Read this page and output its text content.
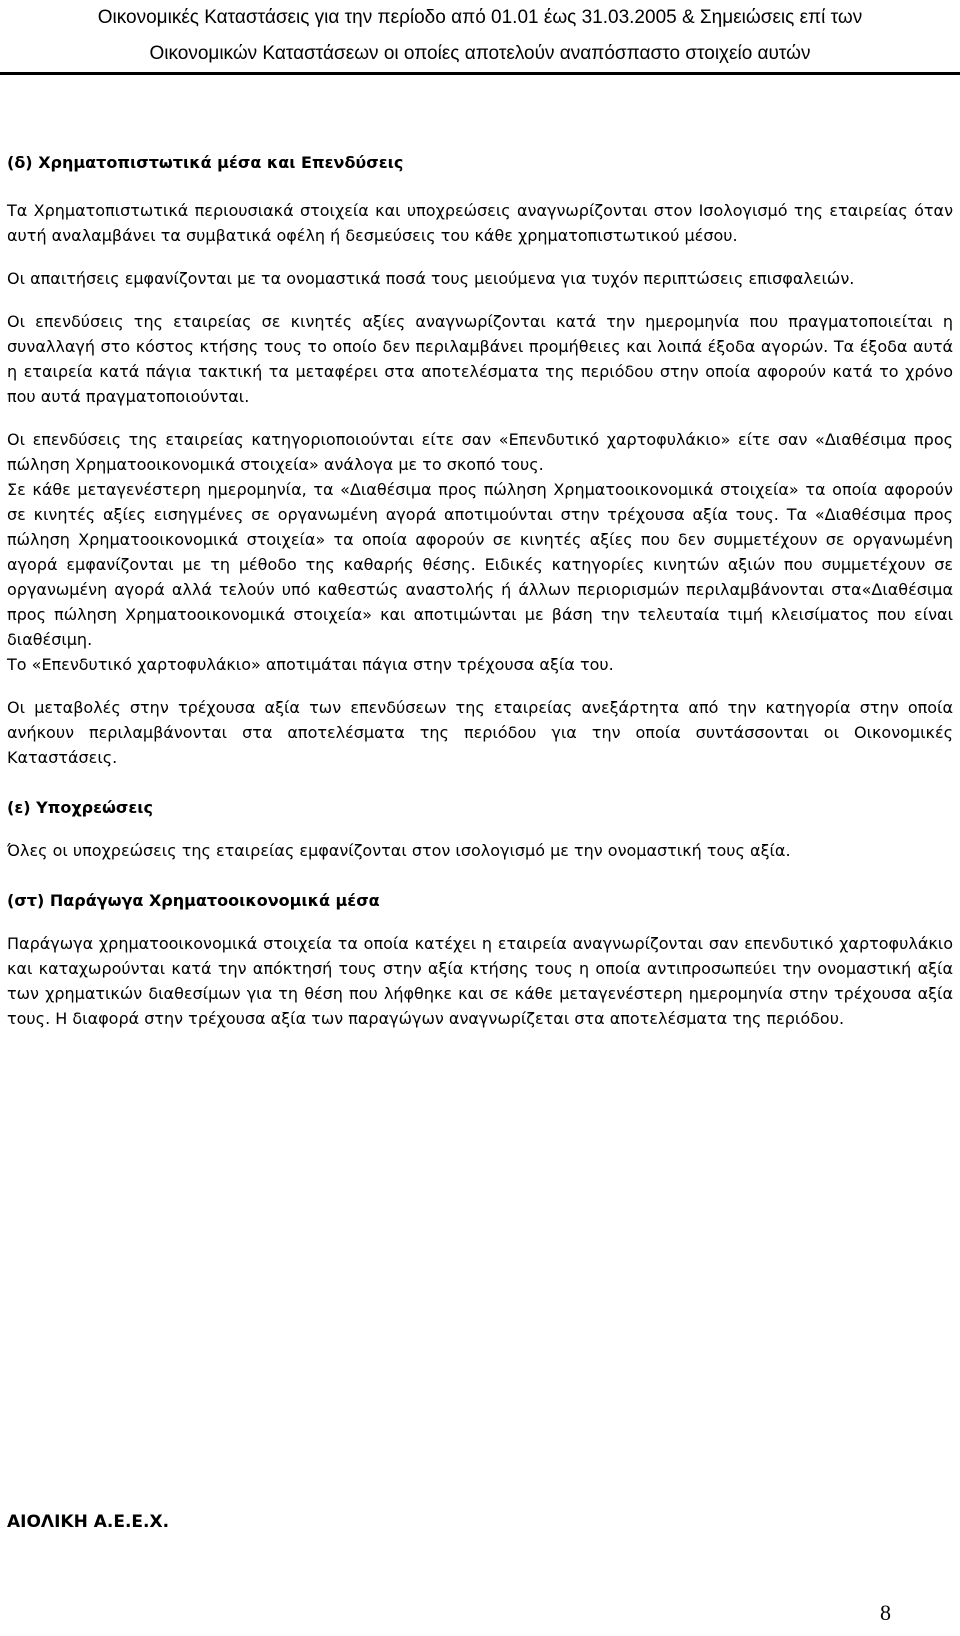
Οικονομικές Καταστάσεις για την περίοδο από 01.01 έως 31.03.2005 & Σημειώσεις επί των
Οικονομικών Καταστάσεων οι οποίες αποτελούν αναπόσπαστο στοιχείο αυτών

(δ) Χρηματοπιστωτικά μέσα και Επενδύσεις

Τα Χρηματοπιστωτικά περιουσιακά στοιχεία και υποχρεώσεις αναγνωρίζονται στον Ισολογισμό της εταιρείας όταν αυτή αναλαμβάνει τα συμβατικά οφέλη ή δεσμεύσεις του κάθε χρηματοπιστωτικού μέσου.

Οι απαιτήσεις εμφανίζονται με τα ονομαστικά ποσά τους μειούμενα για τυχόν περιπτώσεις επισφαλειών.

Οι επενδύσεις της εταιρείας σε κινητές αξίες αναγνωρίζονται κατά την ημερομηνία που πραγματοποιείται η συναλλαγή στο κόστος κτήσης τους το οποίο δεν περιλαμβάνει προμήθειες και λοιπά έξοδα αγορών. Τα έξοδα αυτά η εταιρεία κατά πάγια τακτική τα μεταφέρει στα αποτελέσματα της περιόδου στην οποία αφορούν κατά το χρόνο που αυτά πραγματοποιούνται.

Οι επενδύσεις της εταιρείας κατηγοριοποιούνται είτε σαν «Επενδυτικό χαρτοφυλάκιο» είτε σαν «Διαθέσιμα προς πώληση Χρηματοοικονομικά στοιχεία» ανάλογα με το σκοπό τους.

Σε κάθε μεταγενέστερη ημερομηνία, τα «Διαθέσιμα προς πώληση Χρηματοοικονομικά στοιχεία» τα οποία αφορούν σε κινητές αξίες εισηγμένες σε οργανωμένη αγορά αποτιμούνται στην τρέχουσα αξία τους. Τα «Διαθέσιμα προς πώληση Χρηματοοικονομικά στοιχεία» τα οποία αφορούν σε κινητές αξίες που δεν συμμετέχουν σε οργανωμένη αγορά εμφανίζονται με τη μέθοδο της καθαρής θέσης. Ειδικές κατηγορίες κινητών αξιών που συμμετέχουν σε οργανωμένη αγορά αλλά τελούν υπό καθεστώς αναστολής ή άλλων περιορισμών περιλαμβάνονται στα«Διαθέσιμα προς πώληση Χρηματοοικονομικά στοιχεία» και αποτιμώνται με βάση την τελευταία τιμή κλεισίματος που είναι διαθέσιμη.

Το «Επενδυτικό χαρτοφυλάκιο» αποτιμάται πάγια στην τρέχουσα αξία του.

Οι μεταβολές στην τρέχουσα αξία των επενδύσεων της εταιρείας ανεξάρτητα από την κατηγορία στην οποία ανήκουν περιλαμβάνονται στα αποτελέσματα της περιόδου για την οποία συντάσσονται οι Οικονομικές Καταστάσεις.

(ε) Υποχρεώσεις

Όλες οι υποχρεώσεις της εταιρείας εμφανίζονται στον ισολογισμό με την ονομαστική τους αξία.

(στ) Παράγωγα Χρηματοοικονομικά μέσα

Παράγωγα χρηματοοικονομικά στοιχεία τα οποία κατέχει η εταιρεία αναγνωρίζονται σαν επενδυτικό χαρτοφυλάκιο και καταχωρούνται κατά την απόκτησή τους στην αξία κτήσης τους η οποία αντιπροσωπεύει την ονομαστική αξία των χρηματικών διαθεσίμων για τη θέση που λήφθηκε και σε κάθε μεταγενέστερη ημερομηνία στην τρέχουσα αξία τους. Η διαφορά στην τρέχουσα αξία των παραγώγων αναγνωρίζεται στα αποτελέσματα της περιόδου.

ΑΙΟΛΙΚΗ Α.Ε.Ε.Χ.
8
